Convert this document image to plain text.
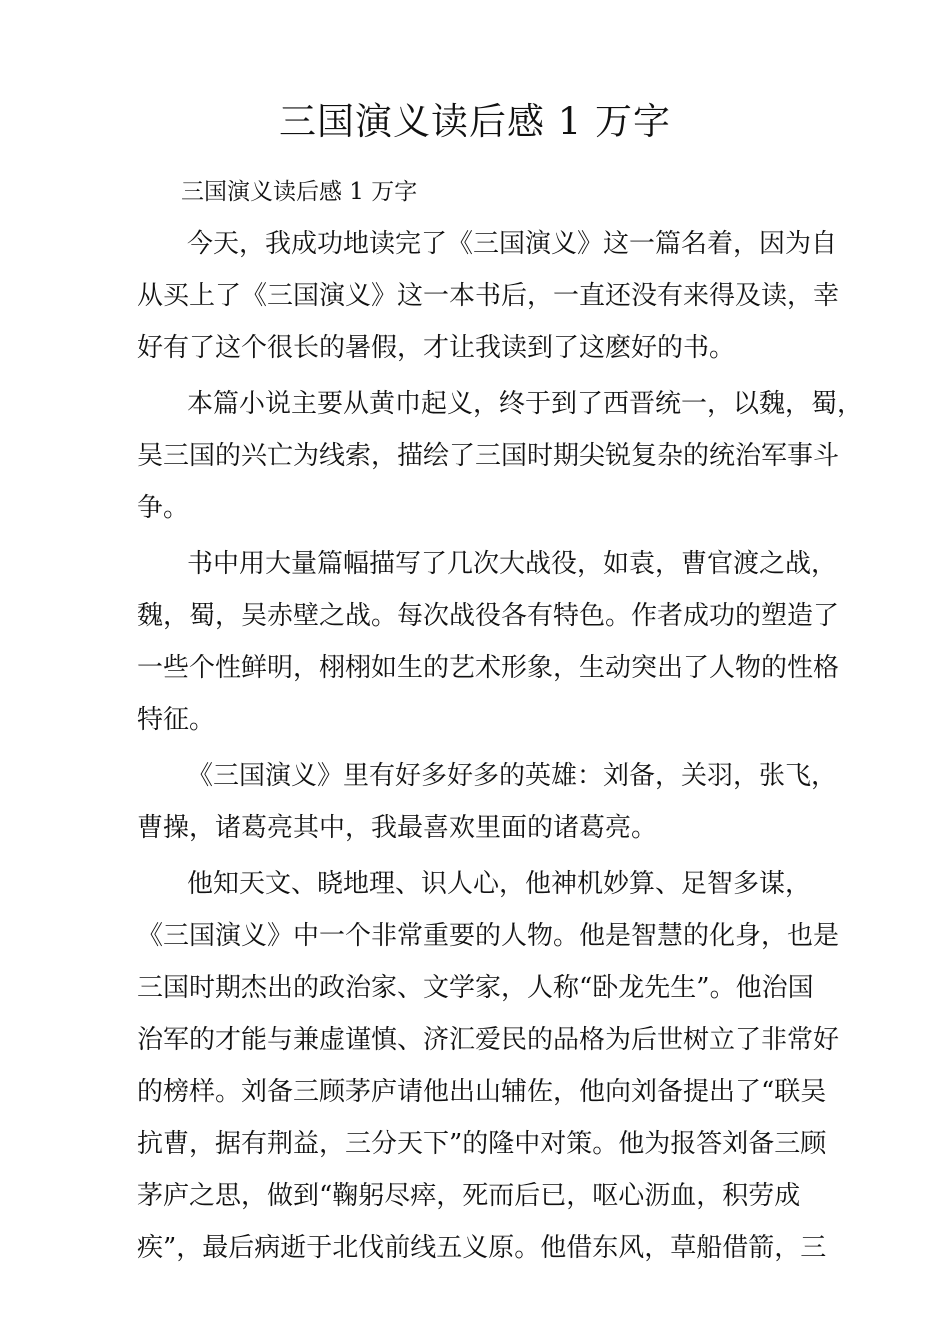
三国演义读后感 1 万字

三国演义读后感 1 万字

今天，我成功地读完了《三国演义》这一篇名着，因为自
从买上了《三国演义》这一本书后，一直还没有来得及读，幸
好有了这个很长的暑假，才让我读到了这麽好的书。
本篇小说主要从黄巾起义，终于到了西晋统一，以魏，蜀，
吴三国的兴亡为线索，描绘了三国时期尖锐复杂的统治军事斗
争。
书中用大量篇幅描写了几次大战役，如袁，曹官渡之战，
魏，蜀，吴赤壁之战。每次战役各有特色。作者成功的塑造了
一些个性鲜明，栩栩如生的艺术形象，生动突出了人物的性格
特征。
《三国演义》里有好多好多的英雄：刘备，关羽，张飞，
曹操，诸葛亮其中，我最喜欢里面的诸葛亮。
他知天文、晓地理、识人心，他神机妙算、足智多谋，
《三国演义》中一个非常重要的人物。他是智慧的化身，也是
三国时期杰出的政治家、文学家，人称“卧龙先生”。他治国
治军的才能与兼虚谨慎、济汇爱民的品格为后世树立了非常好
的榜样。刘备三顾茅庐请他出山辅佐，他向刘备提出了“联吴
抗曹，据有荆益，三分天下”的隆中对策。他为报答刘备三顾
茅庐之思，做到“鞠躬尽瘁，死而后已，呕心沥血，积劳成
疾”，最后病逝于北伐前线五义原。他借东风，草船借箭，三
